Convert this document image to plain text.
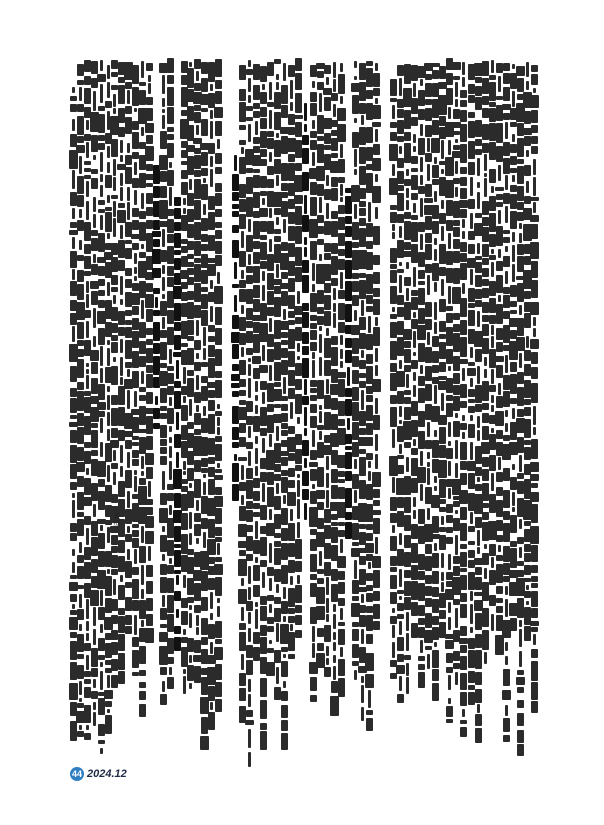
（黄疸）
44 2024.12
